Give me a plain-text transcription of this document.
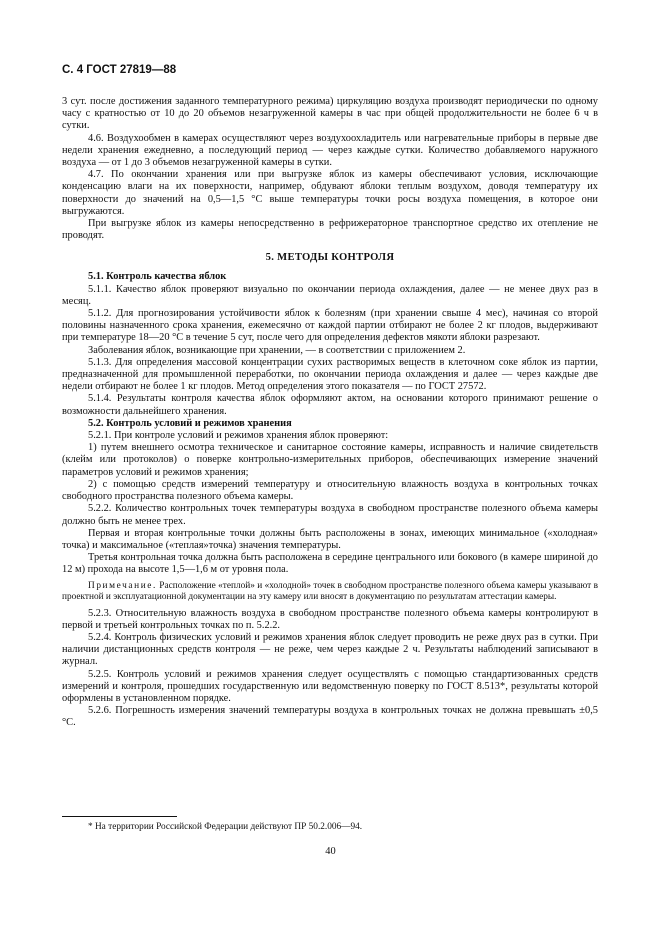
С. 4 ГОСТ 27819—88

3 сут. после достижения заданного температурного режима) циркуляцию воздуха производят периодически по одному часу с кратностью от 10 до 20 объемов незагруженной камеры в час при общей продолжительности не более 6 ч в сутки.

4.6. Воздухообмен в камерах осуществляют через воздухоохладитель или нагревательные приборы в первые две недели хранения ежедневно, а последующий период — через каждые сутки. Количество добавляемого наружного воздуха — от 1 до 3 объемов незагруженной камеры в сутки.

4.7. По окончании хранения или при выгрузке яблок из камеры обеспечивают условия, исключающие конденсацию влаги на их поверхности, например, обдувают яблоки теплым воздухом, доводя температуру их поверхности до значений на 0,5—1,5 °С выше температуры точки росы воздуха помещения, в которое они выгружаются.

При выгрузке яблок из камеры непосредственно в рефрижераторное транспортное средство их отепление не проводят.

5. МЕТОДЫ КОНТРОЛЯ
5.1. Контроль качества яблок

5.1.1. Качество яблок проверяют визуально по окончании периода охлаждения, далее — не менее двух раз в месяц.

5.1.2. Для прогнозирования устойчивости яблок к болезням (при хранении свыше 4 мес), начиная со второй половины назначенного срока хранения, ежемесячно от каждой партии отбирают не более 2 кг плодов, выдерживают при температуре 18—20 °С в течение 5 сут, после чего для определения дефектов мякоти яблоки разрезают.

Заболевания яблок, возникающие при хранении, — в соответствии с приложением 2.

5.1.3. Для определения массовой концентрации сухих растворимых веществ в клеточном соке яблок из партии, предназначенной для промышленной переработки, по окончании периода охлаждения и далее — через каждые две недели отбирают не более 1 кг плодов. Метод определения этого показателя — по ГОСТ 27572.

5.1.4. Результаты контроля качества яблок оформляют актом, на основании которого принимают решение о возможности дальнейшего хранения.

5.2. Контроль условий и режимов хранения

5.2.1. При контроле условий и режимов хранения яблок проверяют:

1) путем внешнего осмотра техническое и санитарное состояние камеры, исправность и наличие свидетельств (клейм или протоколов) о поверке контрольно-измерительных приборов, обеспечивающих измерение значений параметров условий и режимов хранения;

2) с помощью средств измерений температуру и относительную влажность воздуха в контрольных точках свободного пространства полезного объема камеры.

5.2.2. Количество контрольных точек температуры воздуха в свободном пространстве полезного объема камеры должно быть не менее трех.

Первая и вторая контрольные точки должны быть расположены в зонах, имеющих минимальное («холодная» точка) и максимальное («теплая»точка) значения температуры.

Третья контрольная точка должна быть расположена в середине центрального или бокового (в камере шириной до 12 м) прохода на высоте 1,5—1,6 м от уровня пола.

Примечание. Расположение «теплой» и «холодной» точек в свободном пространстве полезного объема камеры указывают в проектной и эксплуатационной документации на эту камеру или вносят в документацию по результатам аттестации камеры.

5.2.3. Относительную влажность воздуха в свободном пространстве полезного объема камеры контролируют в первой и третьей контрольных точках по п. 5.2.2.

5.2.4. Контроль физических условий и режимов хранения яблок следует проводить не реже двух раз в сутки. При наличии дистанционных средств контроля — не реже, чем через каждые 2 ч. Результаты наблюдений записывают в журнал.

5.2.5. Контроль условий и режимов хранения следует осуществлять с помощью стандартизованных средств измерений и контроля, прошедших государственную или ведомственную поверку по ГОСТ 8.513*, результаты которой оформлены в установленном порядке.

5.2.6. Погрешность измерения значений температуры воздуха в контрольных точках не должна превышать ±0,5 °С.

* На территории Российской Федерации действуют ПР 50.2.006—94.
40
